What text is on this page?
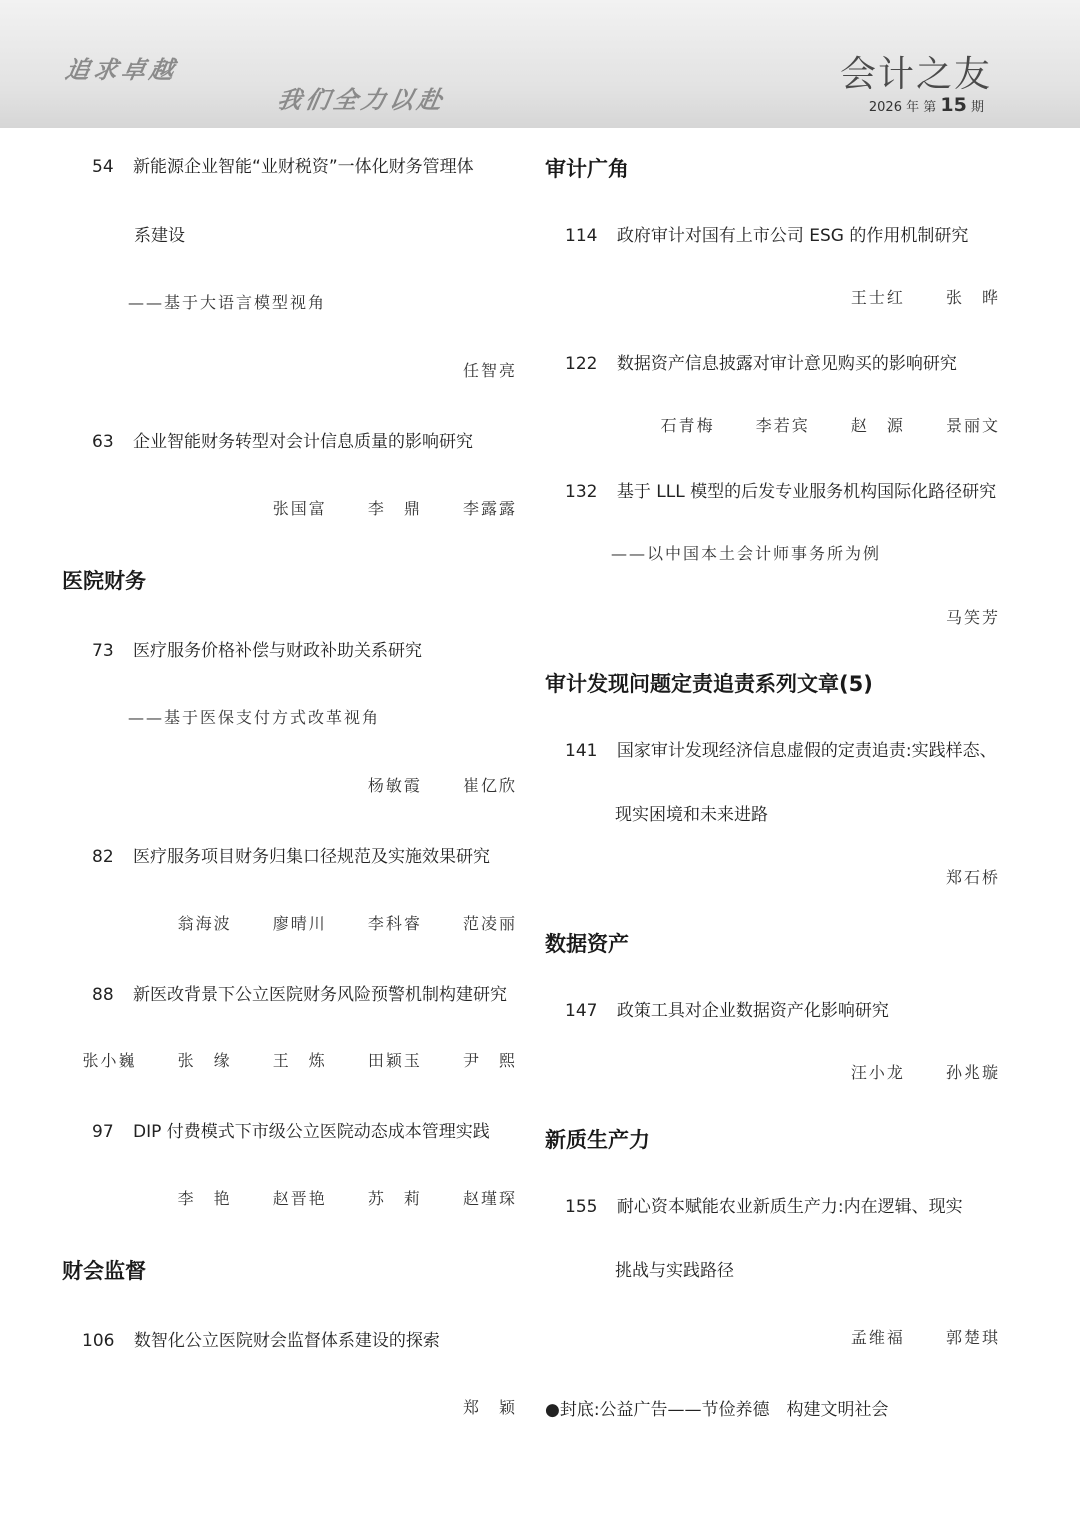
追求卓越
我们全力以赴
会计之友
2026 年 第 15 期
54 新能源企业智能“业财税资”一体化财务管理体
系建设
——基于大语言模型视角
任智亮
63 企业智能财务转型对会计信息质量的影响研究
张国富	李　鼎	李露露
医院财务
73 医疗服务价格补偿与财政补助关系研究
——基于医保支付方式改革视角
杨敏霞	崔亿欣
82 医疗服务项目财务归集口径规范及实施效果研究
翁海波	廖晴川	李科睿	范凌丽
88 新医改背景下公立医院财务风险预警机制构建研究
张小巍	张　缘	王　炼	田颖玉	尹　熙
97 DIP 付费模式下市级公立医院动态成本管理实践
李　艳	赵晋艳	苏　莉	赵瑾琛
财会监督
106 数智化公立医院财会监督体系建设的探索
郑　颖
审计广角
114 政府审计对国有上市公司 ESG 的作用机制研究
王士红	张　晔
122 数据资产信息披露对审计意见购买的影响研究
石青梅	李若宾	赵　源	景丽文
132 基于 LLL 模型的后发专业服务机构国际化路径研究
——以中国本土会计师事务所为例
马笑芳
审计发现问题定责追责系列文章(5)
141 国家审计发现经济信息虚假的定责追责:实践样态、
现实困境和未来进路
郑石桥
数据资产
147 政策工具对企业数据资产化影响研究
汪小龙	孙兆璇
新质生产力
155 耐心资本赋能农业新质生产力:内在逻辑、现实
挑战与实践路径
孟维福	郭楚琪
●封底:公益广告——节俭养德　构建文明社会
